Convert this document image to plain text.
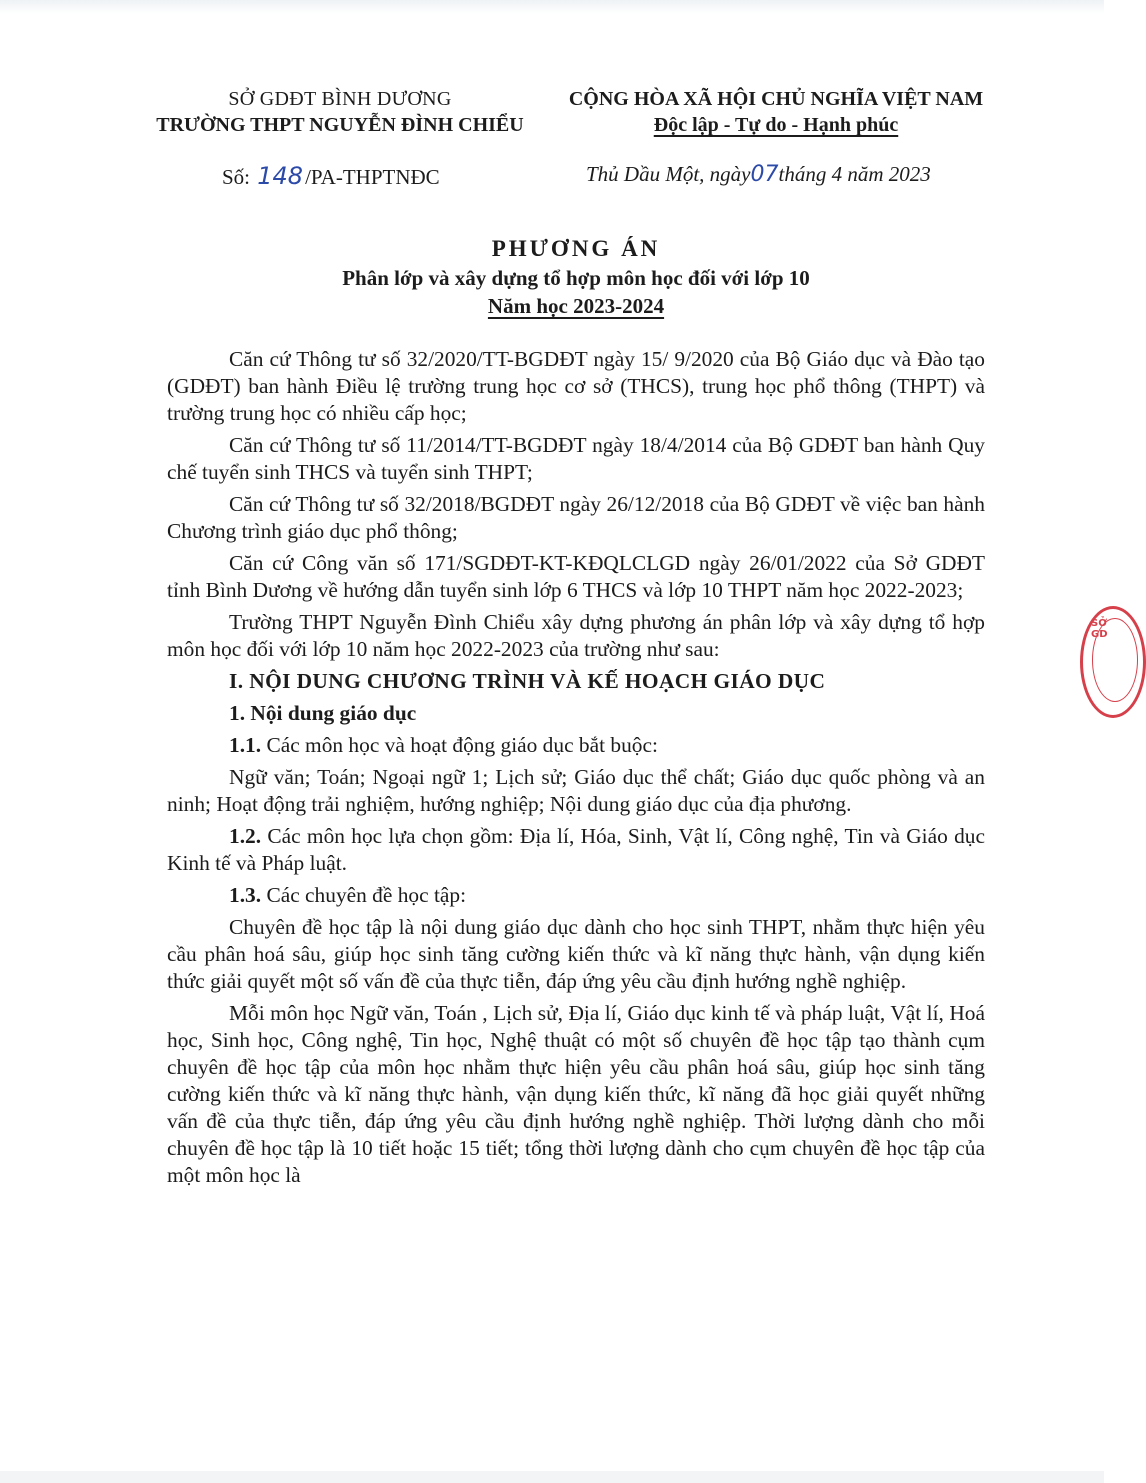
SỞ GDĐT BÌNH DƯƠNG
TRƯỜNG THPT NGUYỄN ĐÌNH CHIỂU
CỘNG HÒA XÃ HỘI CHỦ NGHĨA VIỆT NAM
Độc lập - Tự do - Hạnh phúc
Số: 148/PA-THPTNĐC	Thủ Dầu Một, ngày07tháng 4 năm 2023
PHƯƠNG ÁN
Phân lớp và xây dựng tổ hợp môn học đối với lớp 10
Năm học 2023-2024

Căn cứ Thông tư số 32/2020/TT-BGDĐT ngày 15/ 9/2020 của Bộ Giáo dục và Đào tạo (GDĐT) ban hành Điều lệ trường trung học cơ sở (THCS), trung học phổ thông (THPT) và trường trung học có nhiều cấp học;

Căn cứ Thông tư số 11/2014/TT-BGDĐT ngày 18/4/2014 của Bộ GDĐT ban hành Quy chế tuyển sinh THCS và tuyển sinh THPT;

Căn cứ Thông tư số 32/2018/BGDĐT ngày 26/12/2018 của Bộ GDĐT về việc ban hành Chương trình giáo dục phổ thông;

Căn cứ Công văn số 171/SGDĐT-KT-KĐQLCLGD ngày 26/01/2022 của Sở GDĐT tỉnh Bình Dương về hướng dẫn tuyển sinh lớp 6 THCS và lớp 10 THPT năm học 2022-2023;

Trường THPT Nguyễn Đình Chiểu xây dựng phương án phân lớp và xây dựng tổ hợp môn học đối với lớp 10 năm học 2022-2023 của trường như sau:

I. NỘI DUNG CHƯƠNG TRÌNH VÀ KẾ HOẠCH GIÁO DỤC

1. Nội dung giáo dục

1.1. Các môn học và hoạt động giáo dục bắt buộc:

Ngữ văn; Toán; Ngoại ngữ 1; Lịch sử; Giáo dục thể chất; Giáo dục quốc phòng và an ninh; Hoạt động trải nghiệm, hướng nghiệp; Nội dung giáo dục của địa phương.

1.2. Các môn học lựa chọn gồm: Địa lí, Hóa, Sinh, Vật lí, Công nghệ, Tin và Giáo dục Kinh tế và Pháp luật.

1.3. Các chuyên đề học tập:

Chuyên đề học tập là nội dung giáo dục dành cho học sinh THPT, nhằm thực hiện yêu cầu phân hoá sâu, giúp học sinh tăng cường kiến thức và kĩ năng thực hành, vận dụng kiến thức giải quyết một số vấn đề của thực tiễn, đáp ứng yêu cầu định hướng nghề nghiệp.

Mỗi môn học Ngữ văn, Toán , Lịch sử, Địa lí, Giáo dục kinh tế và pháp luật, Vật lí, Hoá học, Sinh học, Công nghệ, Tin học, Nghệ thuật có một số chuyên đề học tập tạo thành cụm chuyên đề học tập của môn học nhằm thực hiện yêu cầu phân hoá sâu, giúp học sinh tăng cường kiến thức và kĩ năng thực hành, vận dụng kiến thức, kĩ năng đã học giải quyết những vấn đề của thực tiễn, đáp ứng yêu cầu định hướng nghề nghiệp. Thời lượng dành cho mỗi chuyên đề học tập là 10 tiết hoặc 15 tiết; tổng thời lượng dành cho cụm chuyên đề học tập của một môn học là

SỞ GD
